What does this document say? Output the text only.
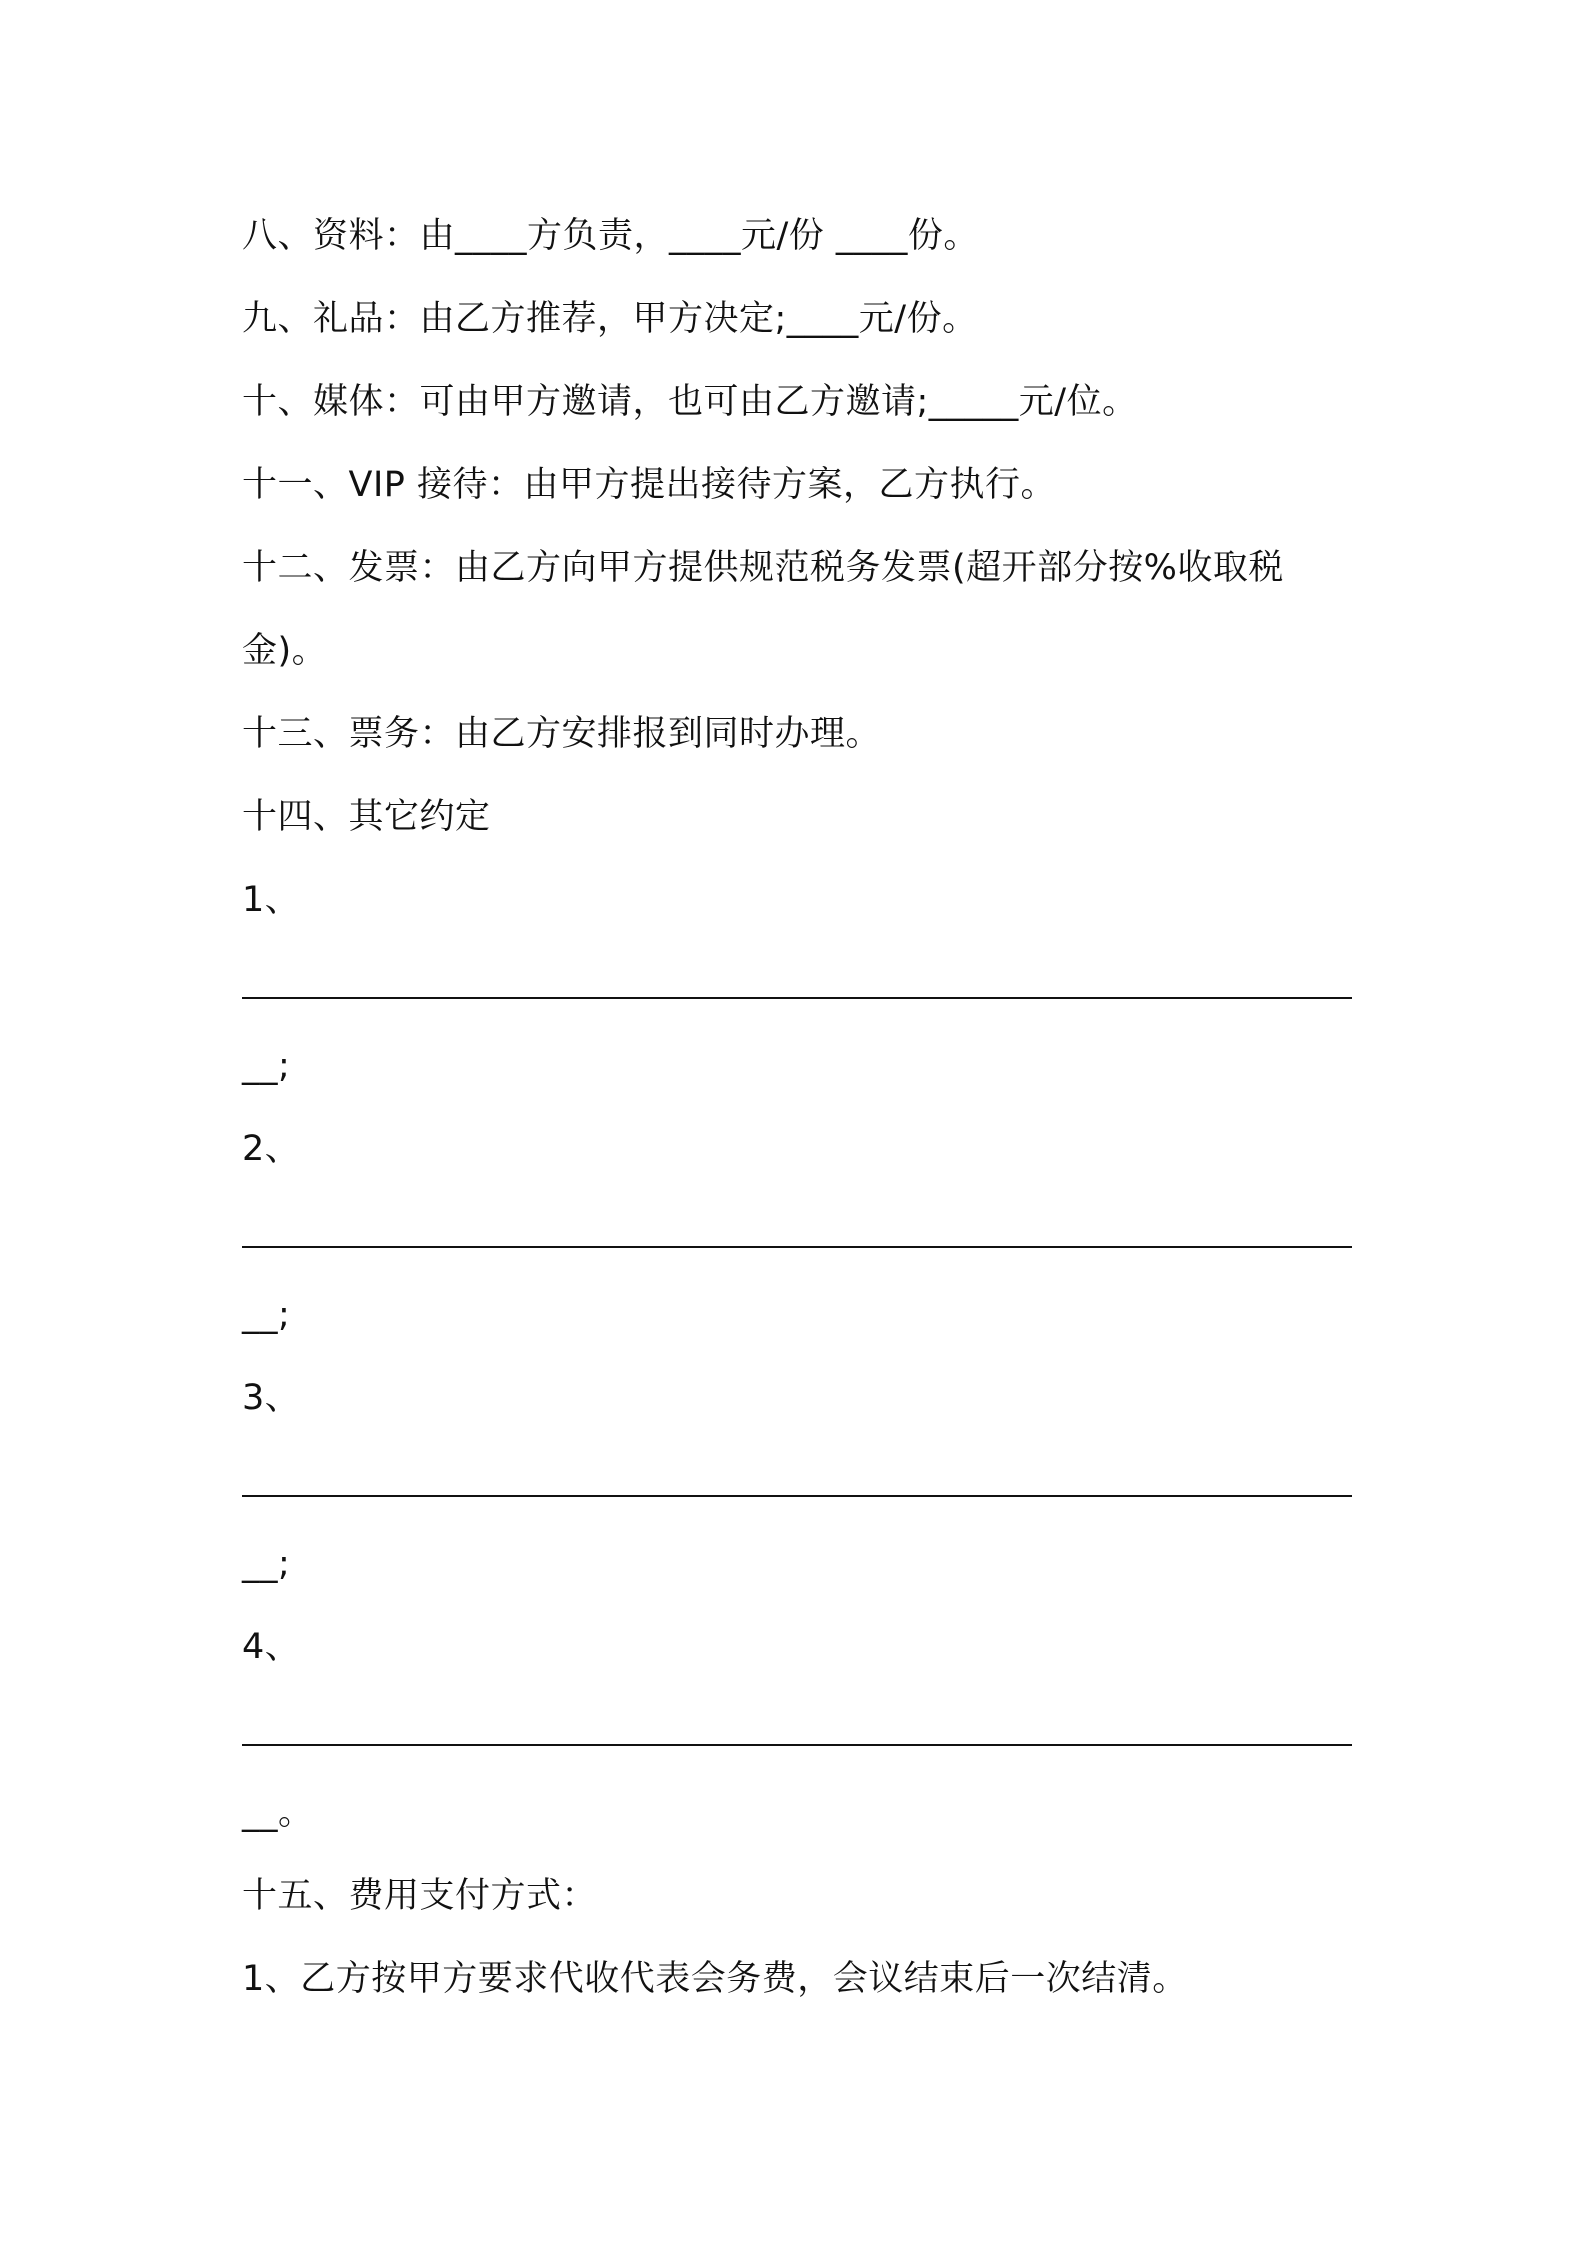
八、资料：由____方负责，____元/份 ____份。
九、礼品：由乙方推荐，甲方决定;____元/份。
十、媒体：可由甲方邀请，也可由乙方邀请;_____元/位。
十一、VIP 接待：由甲方提出接待方案，乙方执行。
十二、发票：由乙方向甲方提供规范税务发票(超开部分按%收取税
金)。
十三、票务：由乙方安排报到同时办理。
十四、其它约定
1、
__;
2、
__;
3、
__;
4、
__。
十五、费用支付方式：
1、乙方按甲方要求代收代表会务费，会议结束后一次结清。
